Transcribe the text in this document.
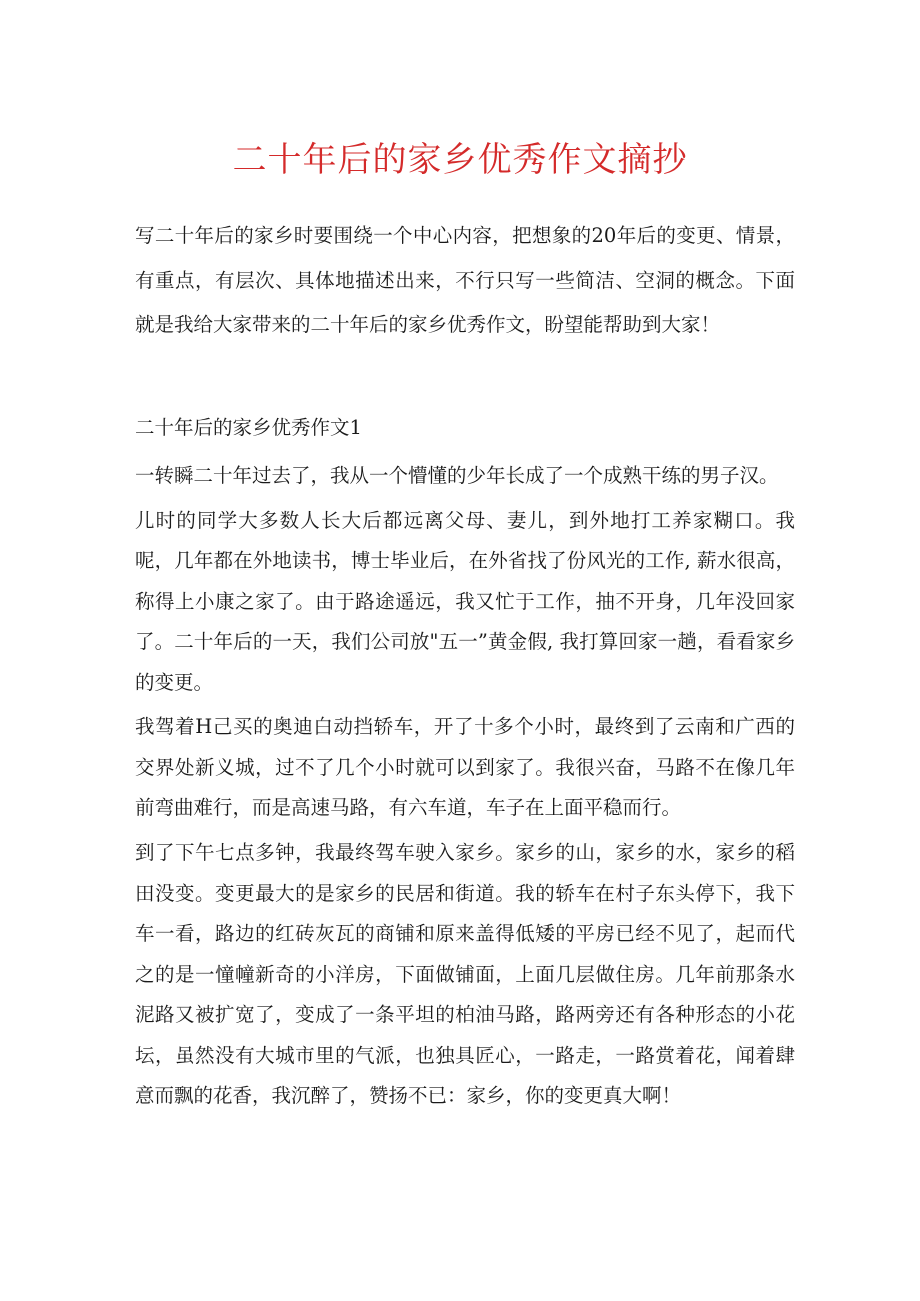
二十年后的家乡优秀作文摘抄

写二十年后的家乡时要围绕一个中心内容，把想象的20年后的变更、情景，有重点，有层次、具体地描述出来，不行只写一些简洁、空洞的概念。下面就是我给大家带来的二十年后的家乡优秀作文，盼望能帮助到大家！

二十年后的家乡优秀作文1

一转瞬二十年过去了，我从一个懵懂的少年长成了一个成熟干练的男子汉。

儿时的同学大多数人长大后都远离父母、妻儿，到外地打工养家糊口。我呢，几年都在外地读书，博士毕业后，在外省找了份风光的工作, 薪水很高，称得上小康之家了。由于路途遥远，我又忙于工作，抽不开身，几年没回家了。二十年后的一天，我们公司放"五一”黄金假, 我打算回家一趟，看看家乡的变更。

我驾着H己买的奥迪白动挡轿车，开了十多个小时，最终到了云南和广西的交界处新义城，过不了几个小时就可以到家了。我很兴奋，马路不在像几年前弯曲难行，而是高速马路，有六车道，车子在上面平稳而行。

到了下午七点多钟，我最终驾车驶入家乡。家乡的山，家乡的水，家乡的稻田没变。变更最大的是家乡的民居和街道。我的轿车在村子东头停下，我下车一看，路边的红砖灰瓦的商铺和原来盖得低矮的平房已经不见了，起而代之的是一憧幢新奇的小洋房，下面做铺面，上面几层做住房。几年前那条水泥路又被扩宽了，变成了一条平坦的柏油马路，路两旁还有各种形态的小花坛，虽然没有大城市里的气派，也独具匠心，一路走，一路赏着花，闻着肆意而飘的花香，我沉醉了，赞扬不已：家乡，你的变更真大啊！
